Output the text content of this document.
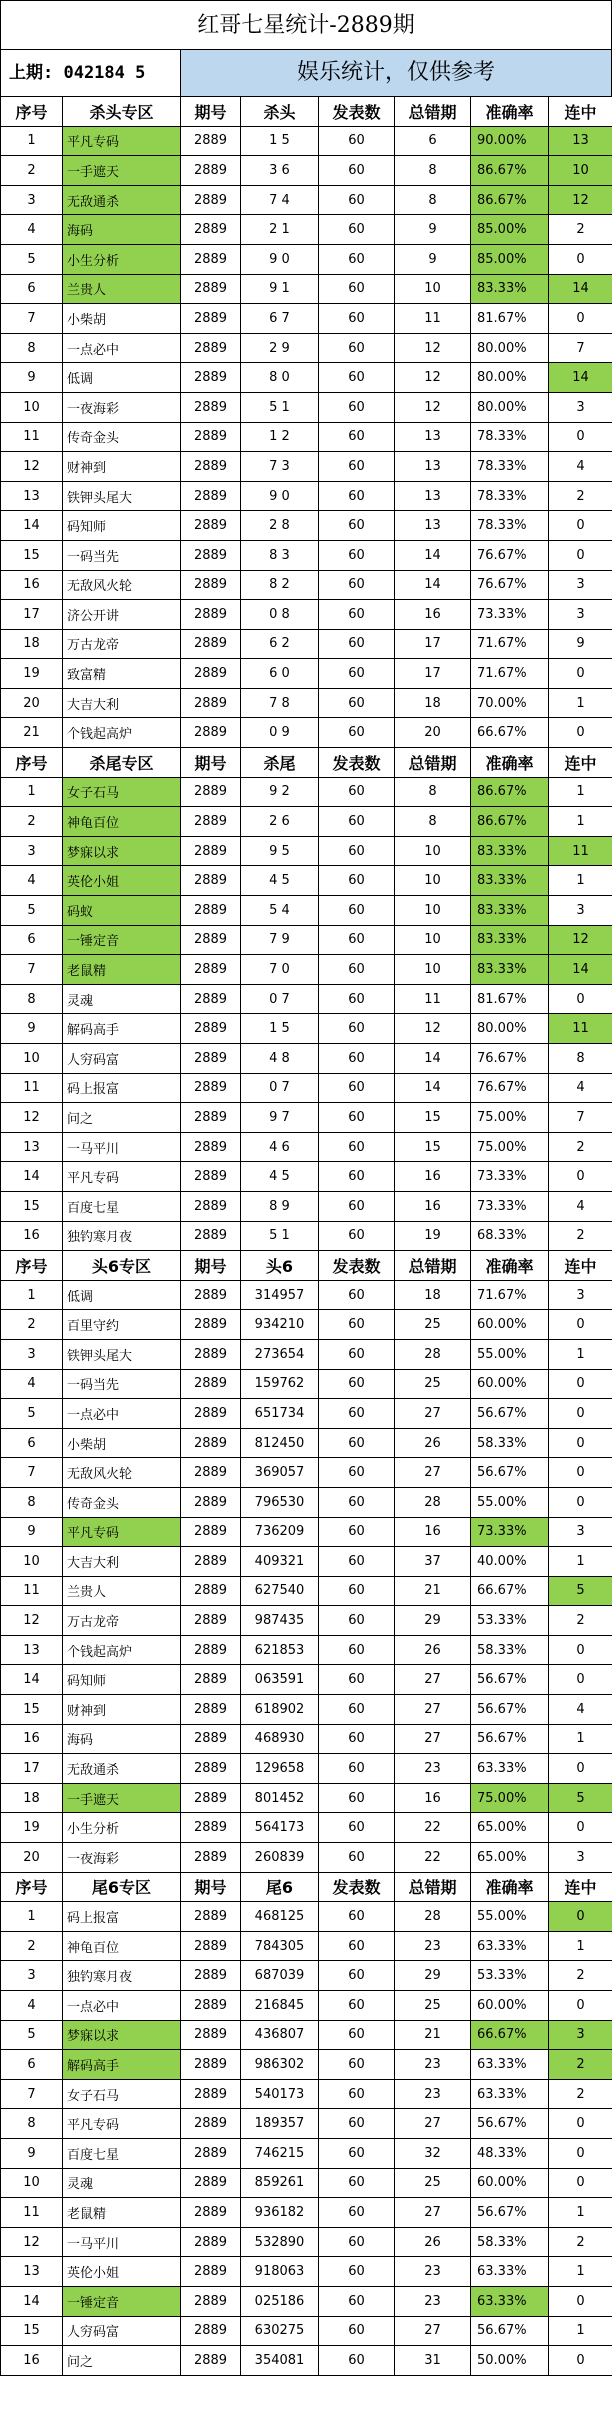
红哥七星统计-2889期
上期: 042184 5	娱乐统计，仅供参考
序号	杀头专区	期号	杀头	发表数	总错期	准确率	连中
1	平凡专码	2889	1 5	60	6	90.00%	13
2	一手遮天	2889	3 6	60	8	86.67%	10
3	无敌通杀	2889	7 4	60	8	86.67%	12
4	海码	2889	2 1	60	9	85.00%	2
5	小生分析	2889	9 0	60	9	85.00%	0
6	兰贵人	2889	9 1	60	10	83.33%	14
7	小柴胡	2889	6 7	60	11	81.67%	0
8	一点必中	2889	2 9	60	12	80.00%	7
9	低调	2889	8 0	60	12	80.00%	14
10	一夜海彩	2889	5 1	60	12	80.00%	3
11	传奇金头	2889	1 2	60	13	78.33%	0
12	财神到	2889	7 3	60	13	78.33%	4
13	铁钾头尾大	2889	9 0	60	13	78.33%	2
14	码知师	2889	2 8	60	13	78.33%	0
15	一码当先	2889	8 3	60	14	76.67%	0
16	无敌风火轮	2889	8 2	60	14	76.67%	3
17	济公开讲	2889	0 8	60	16	73.33%	3
18	万古龙帝	2889	6 2	60	17	71.67%	9
19	致富精	2889	6 0	60	17	71.67%	0
20	大吉大利	2889	7 8	60	18	70.00%	1
21	个钱起高炉	2889	0 9	60	20	66.67%	0
序号	杀尾专区	期号	杀尾	发表数	总错期	准确率	连中
1	女子石马	2889	9 2	60	8	86.67%	1
2	神龟百位	2889	2 6	60	8	86.67%	1
3	梦寐以求	2889	9 5	60	10	83.33%	11
4	英伦小姐	2889	4 5	60	10	83.33%	1
5	码蚁	2889	5 4	60	10	83.33%	3
6	一锤定音	2889	7 9	60	10	83.33%	12
7	老鼠精	2889	7 0	60	10	83.33%	14
8	灵魂	2889	0 7	60	11	81.67%	0
9	解码高手	2889	1 5	60	12	80.00%	11
10	人穷码富	2889	4 8	60	14	76.67%	8
11	码上报富	2889	0 7	60	14	76.67%	4
12	问之	2889	9 7	60	15	75.00%	7
13	一马平川	2889	4 6	60	15	75.00%	2
14	平凡专码	2889	4 5	60	16	73.33%	0
15	百度七星	2889	8 9	60	16	73.33%	4
16	独钓寒月夜	2889	5 1	60	19	68.33%	2
序号	头6专区	期号	头6	发表数	总错期	准确率	连中
1	低调	2889	314957	60	18	71.67%	3
2	百里守约	2889	934210	60	25	60.00%	0
3	铁钾头尾大	2889	273654	60	28	55.00%	1
4	一码当先	2889	159762	60	25	60.00%	0
5	一点必中	2889	651734	60	27	56.67%	0
6	小柴胡	2889	812450	60	26	58.33%	0
7	无敌风火轮	2889	369057	60	27	56.67%	0
8	传奇金头	2889	796530	60	28	55.00%	0
9	平凡专码	2889	736209	60	16	73.33%	3
10	大吉大利	2889	409321	60	37	40.00%	1
11	兰贵人	2889	627540	60	21	66.67%	5
12	万古龙帝	2889	987435	60	29	53.33%	2
13	个钱起高炉	2889	621853	60	26	58.33%	0
14	码知师	2889	063591	60	27	56.67%	0
15	财神到	2889	618902	60	27	56.67%	4
16	海码	2889	468930	60	27	56.67%	1
17	无敌通杀	2889	129658	60	23	63.33%	0
18	一手遮天	2889	801452	60	16	75.00%	5
19	小生分析	2889	564173	60	22	65.00%	0
20	一夜海彩	2889	260839	60	22	65.00%	3
序号	尾6专区	期号	尾6	发表数	总错期	准确率	连中
1	码上报富	2889	468125	60	28	55.00%	0
2	神龟百位	2889	784305	60	23	63.33%	1
3	独钓寒月夜	2889	687039	60	29	53.33%	2
4	一点必中	2889	216845	60	25	60.00%	0
5	梦寐以求	2889	436807	60	21	66.67%	3
6	解码高手	2889	986302	60	23	63.33%	2
7	女子石马	2889	540173	60	23	63.33%	2
8	平凡专码	2889	189357	60	27	56.67%	0
9	百度七星	2889	746215	60	32	48.33%	0
10	灵魂	2889	859261	60	25	60.00%	0
11	老鼠精	2889	936182	60	27	56.67%	1
12	一马平川	2889	532890	60	26	58.33%	2
13	英伦小姐	2889	918063	60	23	63.33%	1
14	一锤定音	2889	025186	60	23	63.33%	0
15	人穷码富	2889	630275	60	27	56.67%	1
16	问之	2889	354081	60	31	50.00%	0
